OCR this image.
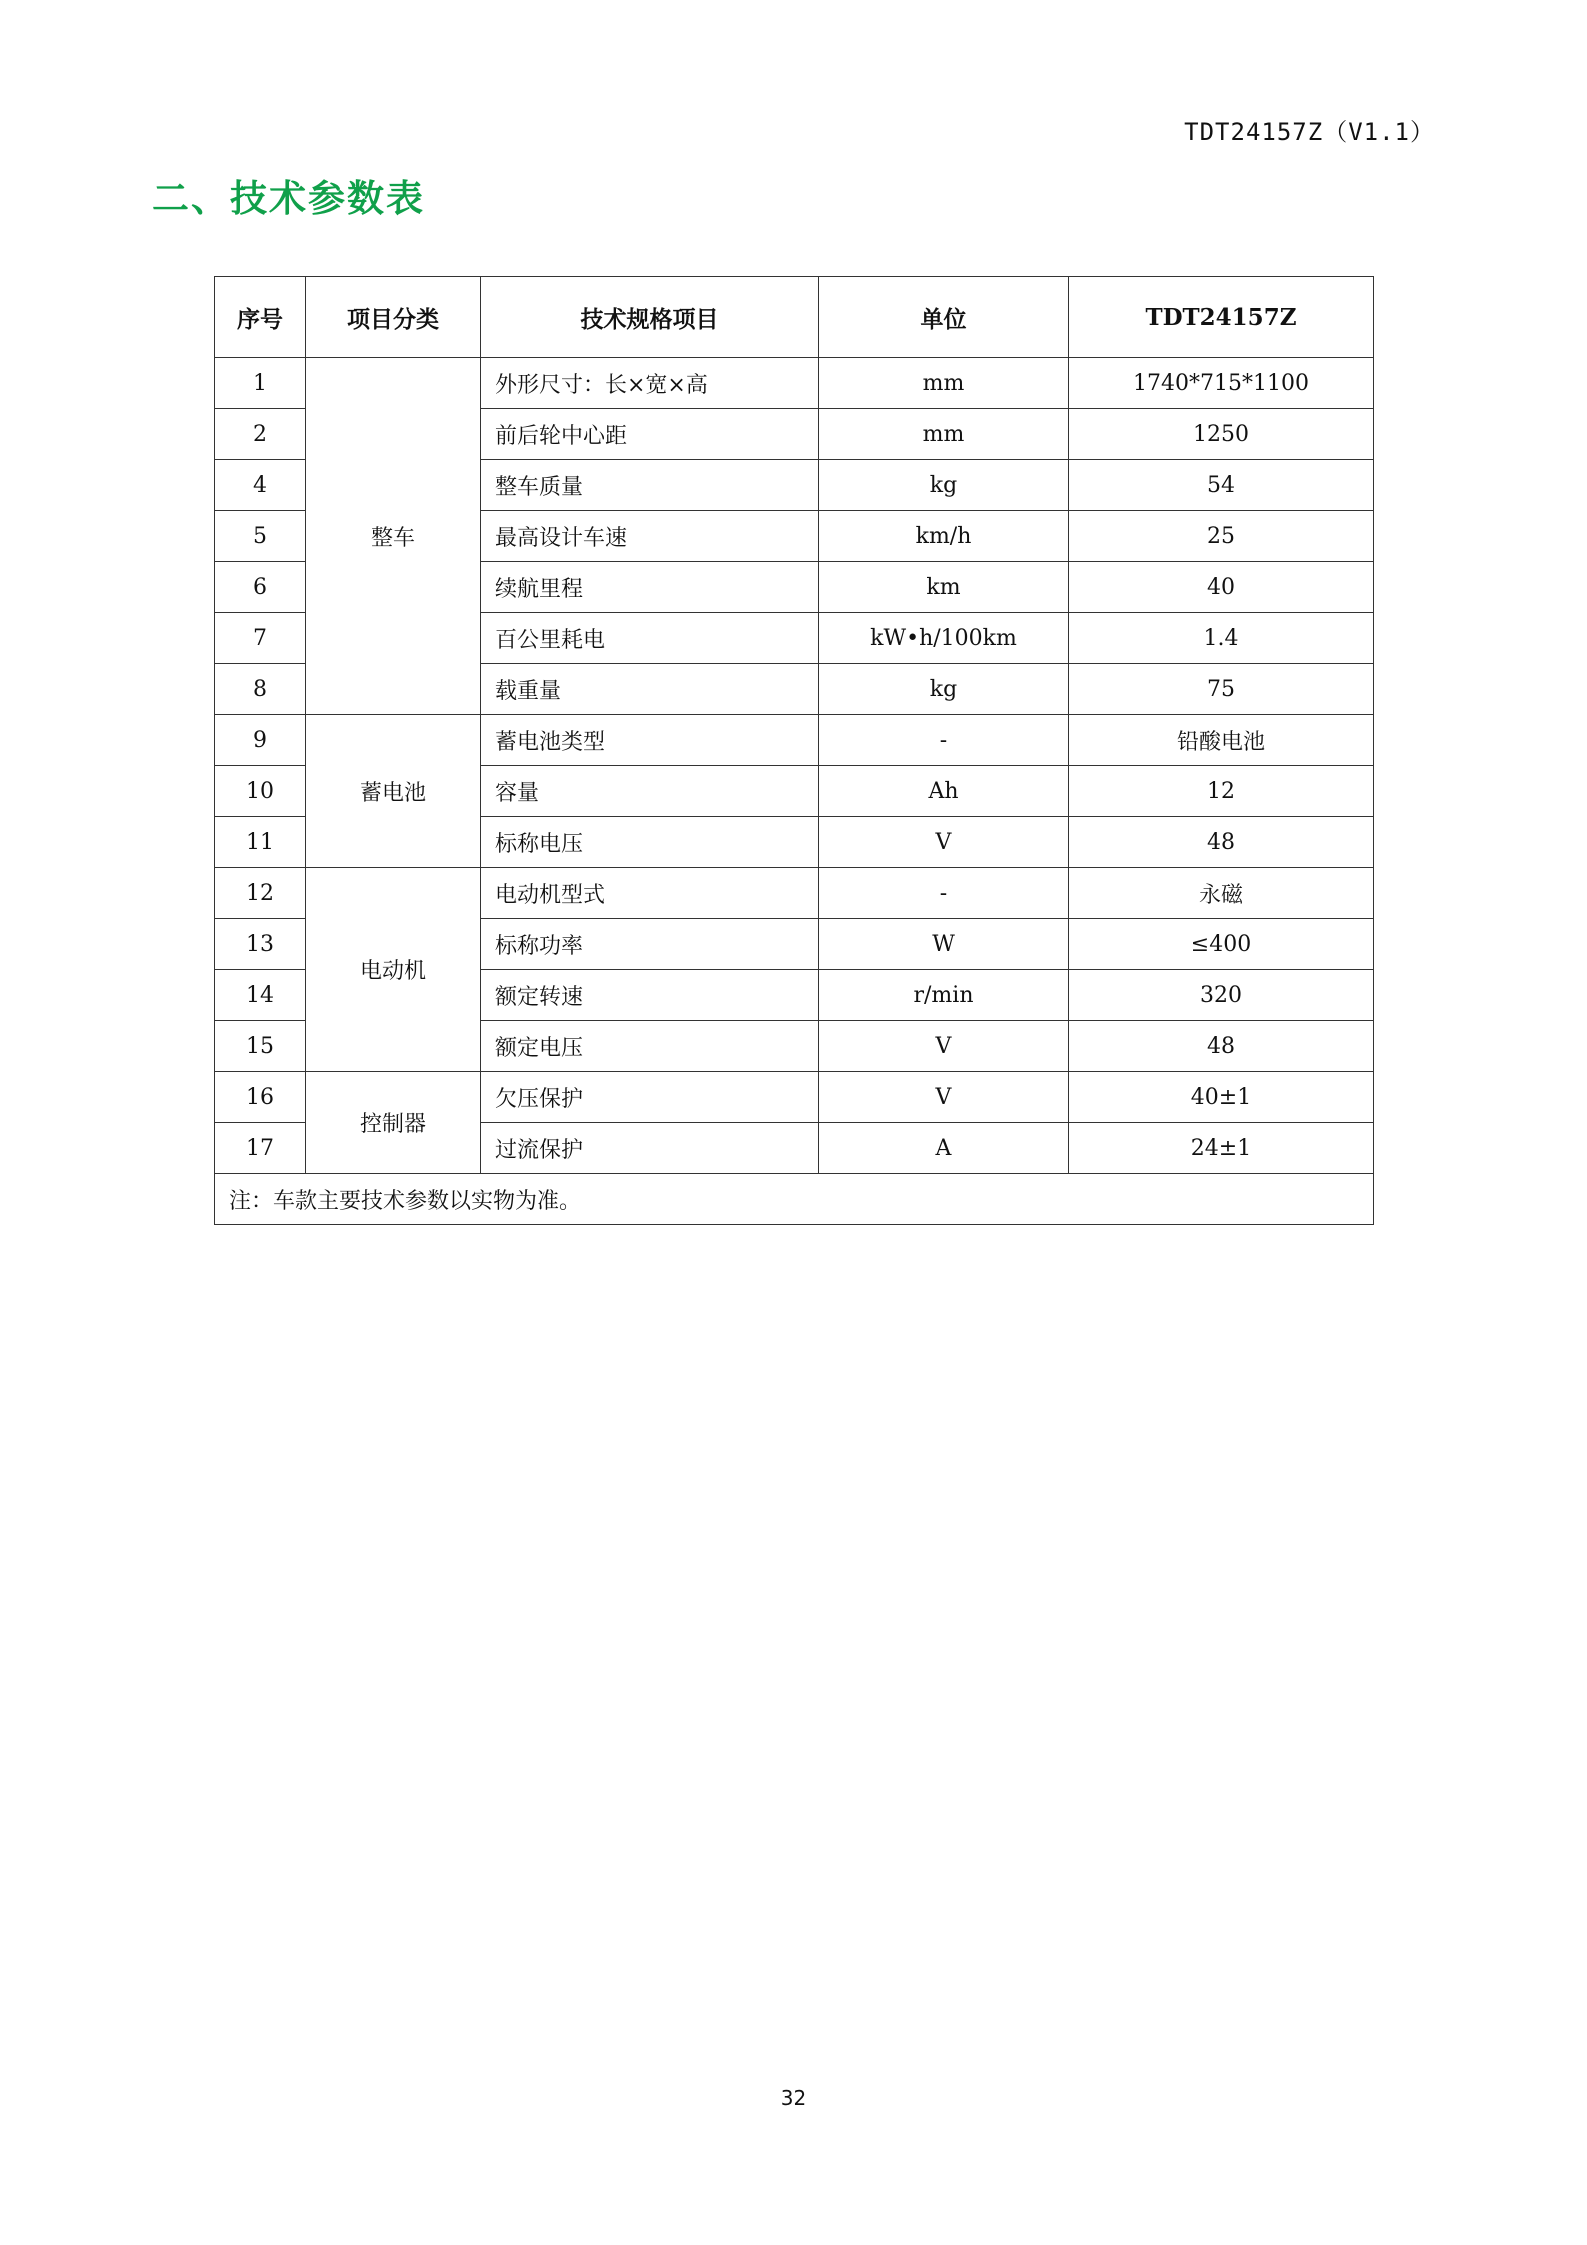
TDT24157Z（V1.1）
二、技术参数表
序号	项目分类	技术规格项目	单位	TDT24157Z
1	整车	外形尺寸：长×宽×高	mm	1740*715*1100
2		前后轮中心距	mm	1250
4		整车质量	kg	54
5		最高设计车速	km/h	25
6		续航里程	km	40
7		百公里耗电	kW•h/100km	1.4
8		载重量	kg	75
9	蓄电池	蓄电池类型	-	铅酸电池
10		容量	Ah	12
11		标称电压	V	48
12	电动机	电动机型式	-	永磁
13		标称功率	W	≤400
14		额定转速	r/min	320
15		额定电压	V	48
16	控制器	欠压保护	V	40±1
17		过流保护	A	24±1
注：车款主要技术参数以实物为准。				
32
